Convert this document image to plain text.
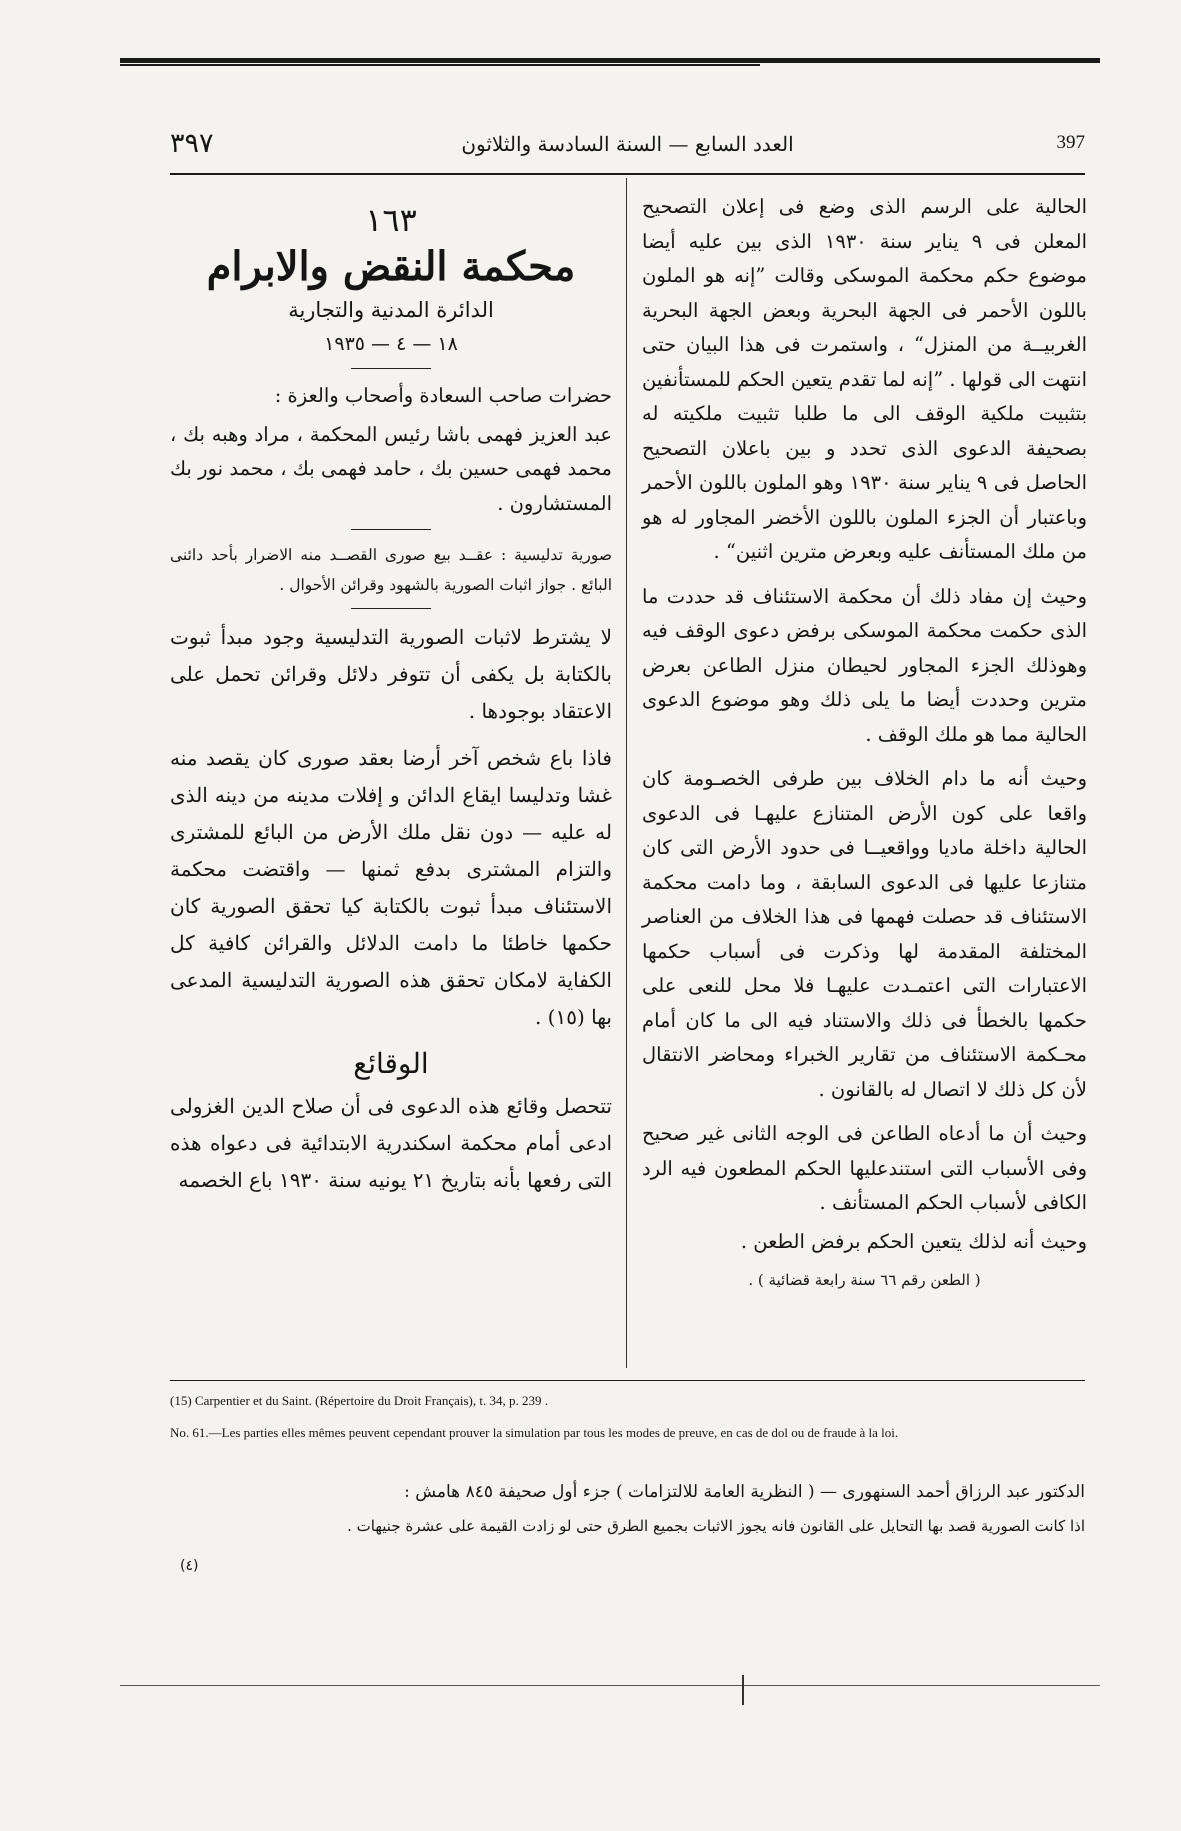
٣٩٧	العدد السابع — السنة السادسة والثلاثون	397

الحالية على الرسم الذى وضع فى إعلان التصحيح المعلن فى ٩ يناير سنة ١٩٣٠ الذى بين عليه أيضا موضوع حكم محكمة الموسكى وقالت ”إنه هو الملون باللون الأحمر فى الجهة البحرية وبعض الجهة البحرية الغربيــة من المنزل“ ، واستمرت فى هذا البيان حتى انتهت الى قولها . ”إنه لما تقدم يتعين الحكم للمستأنفين بتثبيت ملكية الوقف الى ما طلبا تثبيت ملكيته له بصحيفة الدعوى الذى تحدد و بين باعلان التصحيح الحاصل فى ٩ يناير سنة ١٩٣٠ وهو الملون باللون الأحمر وباعتبار أن الجزء الملون باللون الأخضر المجاور له هو من ملك المستأنف عليه وبعرض مترين اثنين“ .

وحيث إن مفاد ذلك أن محكمة الاستئناف قد حددت ما الذى حكمت محكمة الموسكى برفض دعوى الوقف فيه وهوذلك الجزء المجاور لحيطان منزل الطاعن بعرض مترين وحددت أيضا ما يلى ذلك وهو موضوع الدعوى الحالية مما هو ملك الوقف .

وحيث أنه ما دام الخلاف بين طرفى الخصـومة كان واقعا على كون الأرض المتنازع عليهـا فى الدعوى الحالية داخلة ماديا وواقعيــا فى حدود الأرض التى كان متنازعا عليها فى الدعوى السابقة ، وما دامت محكمة الاستئناف قد حصلت فهمها فى هذا الخلاف من العناصر المختلفة المقدمة لها وذكرت فى أسباب حكمها الاعتبارات التى اعتمـدت عليهـا فلا محل للنعى على حكمها بالخطأ فى ذلك والاستناد فيه الى ما كان أمام محـكمة الاستئناف من تقارير الخبراء ومحاضر الانتقال لأن كل ذلك لا اتصال له بالقانون .

وحيث أن ما أدعاه الطاعن فى الوجه الثانى غير صحيح وفى الأسباب التى استندعليها الحكم المطعون فيه الرد الكافى لأسباب الحكم المستأنف .

وحيث أنه لذلك يتعين الحكم برفض الطعن .

( الطعن رقم ٦٦ سنة رابعة قضائية ) .

١٦٣
محكمة النقض والابرام
الدائرة المدنية والتجارية
١٨ — ٤ — ١٩٣٥

حضرات صاحب السعادة وأصحاب والعزة :

عبد العزيز فهمى باشا رئيس المحكمة ، مراد وهبه بك ، محمد فهمى حسين بك ، حامد فهمى بك ، محمد نور بك المستشارون .

صورية تدليسية : عقــد بيع صورى القصــد منه الاضرار بأحد دائنى البائع . جواز اثبات الصورية بالشهود وقرائن الأحوال .

لا يشترط لاثبات الصورية التدليسية وجود مبدأ ثبوت بالكتابة بل يكفى أن تتوفر دلائل وقرائن تحمل على الاعتقاد بوجودها .

فاذا باع شخص آخر أرضا بعقد صورى كان يقصد منه غشا وتدليسا ايقاع الدائن و إفلات مدينه من دينه الذى له عليه — دون نقل ملك الأرض من البائع للمشترى والتزام المشترى بدفع ثمنها — واقتضت محكمة الاستئناف مبدأ ثبوت بالكتابة كيا تحقق الصورية كان حكمها خاطئا ما دامت الدلائل والقرائن كافية كل الكفاية لامكان تحقق هذه الصورية التدليسية المدعى بها (١٥) .

الوقائع

تتحصل وقائع هذه الدعوى فى أن صلاح الدين الغزولى ادعى أمام محكمة اسكندرية الابتدائية فى دعواه هذه التى رفعها بأنه بتاريخ ٢١ يونيه سنة ١٩٣٠ باع الخصمه

(15) Carpentier et du Saint. (Répertoire du Droit Français), t. 34, p. 239 .
No. 61.—Les parties elles mêmes peuvent cependant prouver la simulation par tous les modes de preuve, en cas de dol ou de fraude à la loi.
الدكتور عبد الرزاق أحمد السنهورى — ( النظرية العامة للالتزامات ) جزء أول صحيفة ٨٤٥ هامش :
اذا كانت الصورية قصد بها التحايل على القانون فانه يجوز الاثبات بجميع الطرق حتى لو زادت القيمة على عشرة جنيهات .
(٤)
